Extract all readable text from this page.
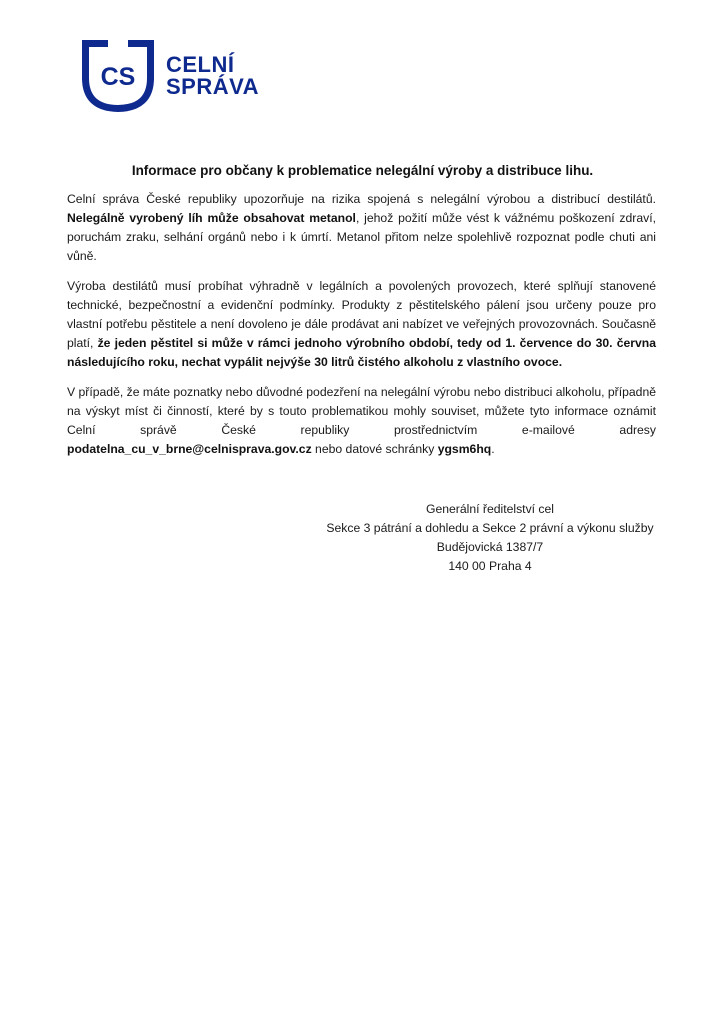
CS CELNÍ
SPRÁVA
Informace pro občany k problematice nelegální výroby a distribuce lihu.

Celní správa České republiky upozorňuje na rizika spojená s nelegální výrobou a distribucí destilátů. Nelegálně vyrobený líh může obsahovat metanol, jehož požití může vést k vážnému poškození zdraví, poruchám zraku, selhání orgánů nebo i k úmrtí. Metanol přitom nelze spolehlivě rozpoznat podle chuti ani vůně.

Výroba destilátů musí probíhat výhradně v legálních a povolených provozech, které splňují stanovené technické, bezpečnostní a evidenční podmínky. Produkty z pěstitelského pálení jsou určeny pouze pro vlastní potřebu pěstitele a není dovoleno je dále prodávat ani nabízet ve veřejných provozovnách. Současně platí, že jeden pěstitel si může v rámci jednoho výrobního období, tedy od 1. července do 30. června následujícího roku, nechat vypálit nejvýše 30 litrů čistého alkoholu z vlastního ovoce.

V případě, že máte poznatky nebo důvodné podezření na nelegální výrobu nebo distribuci alkoholu, případně na výskyt míst či činností, které by s touto problematikou mohly souviset, můžete tyto informace oznámit Celní správě České republiky prostřednictvím e-mailové adresy podatelna_cu_v_brne@celnisprava.gov.cz nebo datové schránky ygsm6hq.

Generální ředitelství cel
Sekce 3 pátrání a dohledu a Sekce 2 právní a výkonu služby
Budějovická 1387/7
140 00 Praha 4
